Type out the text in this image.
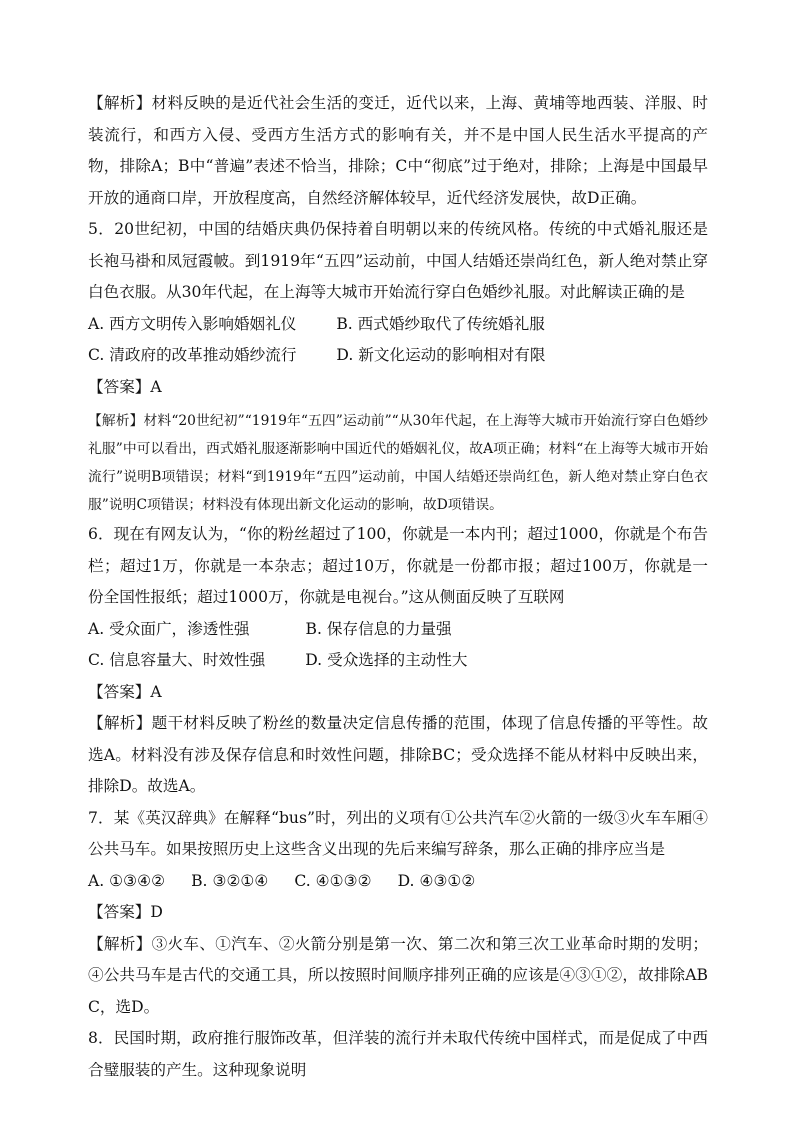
【解析】材料反映的是近代社会生活的变迁，近代以来，上海、黄埔等地西装、洋服、时装流行，和西方入侵、受西方生活方式的影响有关，并不是中国人民生活水平提高的产物，排除A；B中“普遍”表述不恰当，排除；C中“彻底”过于绝对，排除；上海是中国最早开放的通商口岸，开放程度高，自然经济解体较早，近代经济发展快，故D正确。

5．20世纪初，中国的结婚庆典仍保持着自明朝以来的传统风格。传统的中式婚礼服还是长袍马褂和凤冠霞帔。到1919年“五四”运动前，中国人结婚还崇尚红色，新人绝对禁止穿白色衣服。从30年代起，在上海等大城市开始流行穿白色婚纱礼服。对此解读正确的是

A. 西方文明传入影响婚姻礼仪	B. 西式婚纱取代了传统婚礼服
C. 清政府的改革推动婚纱流行	D. 新文化运动的影响相对有限

【答案】A

【解析】材料“20世纪初”“1919年“五四”运动前”“从30年代起，在上海等大城市开始流行穿白色婚纱礼服”中可以看出，西式婚礼服逐渐影响中国近代的婚姻礼仪，故A项正确；材料“在上海等大城市开始流行”说明B项错误；材料“到1919年“五四”运动前，中国人结婚还崇尚红色，新人绝对禁止穿白色衣服”说明C项错误；材料没有体现出新文化运动的影响，故D项错误。

6．现在有网友认为，“你的粉丝超过了100，你就是一本内刊；超过1000，你就是个布告栏；超过1万，你就是一本杂志；超过10万，你就是一份都市报；超过100万，你就是一份全国性报纸；超过1000万，你就是电视台。”这从侧面反映了互联网

A. 受众面广，渗透性强	B. 保存信息的力量强
C. 信息容量大、时效性强	D. 受众选择的主动性大

【答案】A

【解析】题干材料反映了粉丝的数量决定信息传播的范围，体现了信息传播的平等性。故选A。材料没有涉及保存信息和时效性问题，排除BC；受众选择不能从材料中反映出来，排除D。故选A。

7．某《英汉辞典》在解释“bus”时，列出的义项有①公共汽车②火箭的一级③火车车厢④公共马车。如果按照历史上这些含义出现的先后来编写辞条，那么正确的排序应当是

A. ①③④② B. ③②①④ C. ④①③② D. ④③①②

【答案】D

【解析】③火车、①汽车、②火箭分别是第一次、第二次和第三次工业革命时期的发明；④公共马车是古代的交通工具，所以按照时间顺序排列正确的应该是④③①②，故排除ABC，选D。

8．民国时期，政府推行服饰改革，但洋装的流行并未取代传统中国样式，而是促成了中西合璧服装的产生。这种现象说明
